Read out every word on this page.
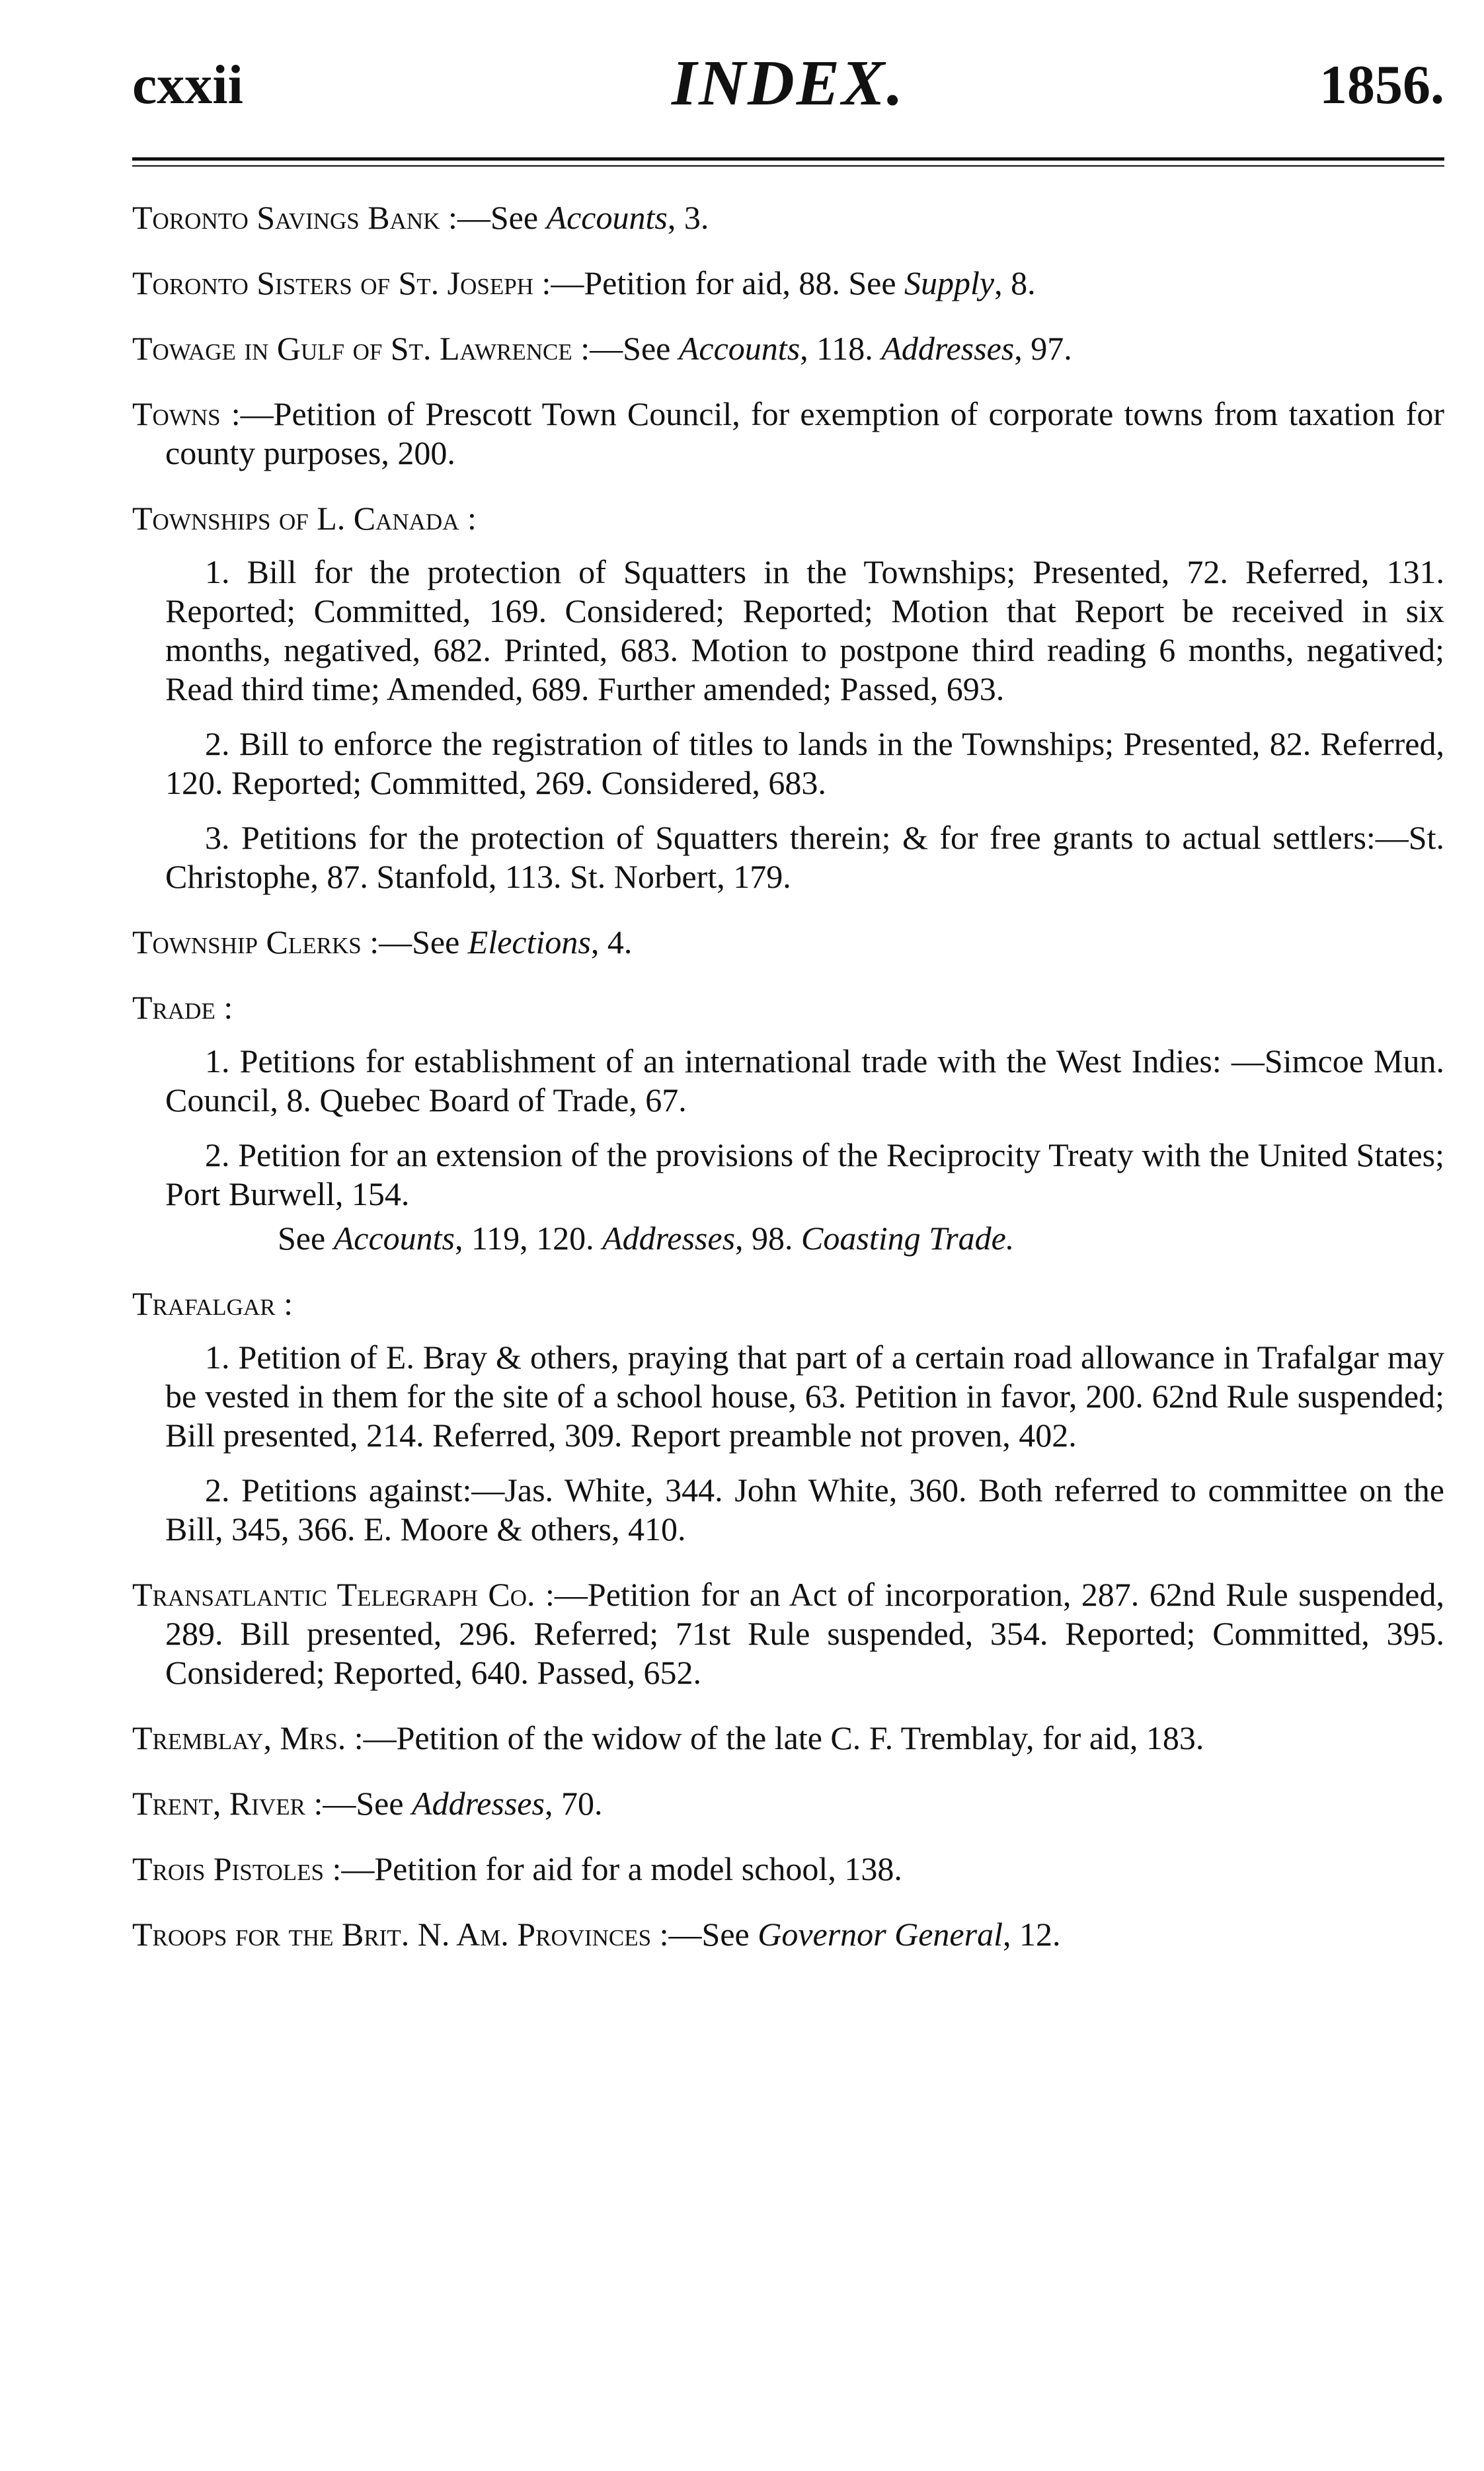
cxxii	INDEX.	1856.

Toronto Savings Bank :—See Accounts, 3.

Toronto Sisters of St. Joseph :—Petition for aid, 88. See Supply, 8.

Towage in Gulf of St. Lawrence :—See Accounts, 118. Addresses, 97.

Towns :—Petition of Prescott Town Council, for exemption of corporate towns from taxation for county purposes, 200.

Townships of L. Canada :

1. Bill for the protection of Squatters in the Townships; Presented, 72. Referred, 131. Reported; Committed, 169. Considered; Reported; Motion that Report be received in six months, negatived, 682. Printed, 683. Motion to postpone third reading 6 months, negatived; Read third time; Amended, 689. Further amended; Passed, 693.

2. Bill to enforce the registration of titles to lands in the Townships; Presented, 82. Referred, 120. Reported; Committed, 269. Considered, 683.

3. Petitions for the protection of Squatters therein; & for free grants to actual settlers:—St. Christophe, 87. Stanfold, 113. St. Norbert, 179.

Township Clerks :—See Elections, 4.

Trade :

1. Petitions for establishment of an international trade with the West Indies: —Simcoe Mun. Council, 8. Quebec Board of Trade, 67.

2. Petition for an extension of the provisions of the Reciprocity Treaty with the United States; Port Burwell, 154.

See Accounts, 119, 120. Addresses, 98. Coasting Trade.

Trafalgar :

1. Petition of E. Bray & others, praying that part of a certain road allowance in Trafalgar may be vested in them for the site of a school house, 63. Petition in favor, 200. 62nd Rule suspended; Bill presented, 214. Referred, 309. Report preamble not proven, 402.

2. Petitions against:—Jas. White, 344. John White, 360. Both referred to committee on the Bill, 345, 366. E. Moore & others, 410.

Transatlantic Telegraph Co. :—Petition for an Act of incorporation, 287. 62nd Rule suspended, 289. Bill presented, 296. Referred; 71st Rule suspended, 354. Reported; Committed, 395. Considered; Reported, 640. Passed, 652.

Tremblay, Mrs. :—Petition of the widow of the late C. F. Tremblay, for aid, 183.

Trent, River :—See Addresses, 70.

Trois Pistoles :—Petition for aid for a model school, 138.

Troops for the Brit. N. Am. Provinces :—See Governor General, 12.
